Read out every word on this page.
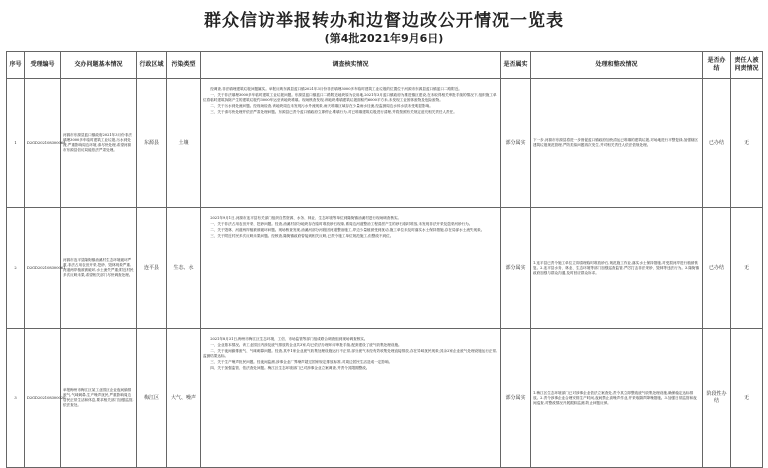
群众信访举报转办和边督边改公开情况一览表
(第4批2021年9月6日)
序号	受理编号	交办问题基本情况	行政区域	污染类型	调查核实情况	是否属实	处理和整改情况	是否办结	责任人被问责情况
1	D2GD202108300068	河源市东源县蓝口镇政府2021年3月份非法填埋3000多车临时建筑工业垃圾,污水到处流,严重影响周边环境,请尽快处理,希望河源市东源县信访局能依法严肃处理。	东源县	土壤	经调查,非法填埋建筑垃圾问题属实。举报反映东源县蓝口镇2021年3月份非法填埋3000多车临时建筑工业垃圾的位置位于河源市东源县蓝口镇蓝口二路附近。

一、关于非法填埋3000多车临时建筑工业垃圾问题。东源县蓝口镇蓝口二路附近地块原为农用地,2021年3月蓝口镇政府为推进镇区建设,在未取得相关审批手续的情况下,组织施工单位将临时建筑拆除产生的建筑垃圾约3000车运至该地块堆填。现场核查发现,该地块堆填建筑垃圾面积约6000平方米,未发现工业固体废物及危险废物。

二、关于污水到处流问题。经现场检查,该地块周边未发现污水外流现象,雨天堆填区域存在少量雨水径流,经监测周边水体水质未受明显影响。

三、关于请尽快处理并依法严肃处理问题。东源县已责令蓝口镇政府立即停止堆填行为,对已堆填建筑垃圾进行清理,并将按照有关规定追究相关责任人责任。	部分属实	下一步,河源市东源县将进一步督促蓝口镇政府加快清运已堆填的建筑垃圾,对场地进行平整复绿,加强辖区建筑垃圾规范管理,严防类似问题再次发生,并对相关责任人依法依规处理。	已办结	无
2	D2GD202108300061	河源市连平县隆街镇油溪村生态环境破坏严重,非法占用农田开采,挖砂、毁林现象严重,河道两岸植被被破坏,水土流失严重;附近村民多次反映未果,希望相关部门尽快调查处理。	连平县	生态、水	2021年9月1日,河源市连平县有关部门组织自然资源、水务、林业、生态环境等单位到隆街镇油溪村进行现场调查核实。

一、关于非法占用农田开采、挖砂问题。经查,油溪村部分地块存在临时堆放砂石现象,系周边河道整治工程清淤产生的砂石临时堆放,未发现非法开采及盗采河砂行为。

二、关于毁林、河道两岸植被被破坏问题。现场核查发现,油溪河部分河段因河道整治施工,岸边少量植被受到扰动,施工单位未及时落实水土保持措施,存在局部水土流失现象。

三、关于附近村民多次反映未果问题。经核查,隆街镇政府曾接到相关反映,已责令施工单位规范施工,但整改不到位。	部分属实	1.连平县已责令施工单位立即清理临时堆放砂石,规范施工作业,落实水土保持措施,对受损河岸进行植被恢复。2.连平县水务、林业、生态环境等部门加强巡查监管,严厉打击非法采砂、毁林等违法行为。3.隆街镇政府加强与群众沟通,及时回应群众诉求。	已办结	无
3	D2GD202108300020	举报梅州市梅江区某工业园区企业夜间偷排废气,气味刺鼻,生产噪声扰民,严重影响周边居民正常生活和休息,要求相关部门加强监管,依法查处。	梅江区	大气、噪声	2021年8月31日,梅州市梅江区生态环境、工信、市场监管等部门组成联合调查组到现场调查核实。

一、企业基本情况。该工业园区内涉及废气排放的企业共3家,均已依法办理环评审批手续,配套建设了废气收集处理设施。

二、关于夜间偷排废气、气味刺鼻问题。经查,其中1家企业废气收集处理设施运行不正常,部分废气未经有效收集处理直接排放,存在异味扰民现象;其余2家企业废气处理设施运行正常,监测结果达标。

三、关于生产噪声扰民问题。经夜间监测,涉事企业厂界噪声超过国家规定排放标准,对周边居民生活造成一定影响。

四、关于加强监管、依法查处问题。梅江区生态环境部门已对涉事企业立案调查,并责令其限期整改。	部分属实	1.梅江区生态环境部门已对涉事企业依法立案查处,责令其立即整改废气收集处理设施,确保稳定达标排放。2.责令涉事企业合理安排生产时间,夜间禁止高噪声作业,并采取隔声降噪措施。3.加强日常监管和夜间巡查,对整改情况开展跟踪监测,防止问题反弹。	阶段性办结	无
